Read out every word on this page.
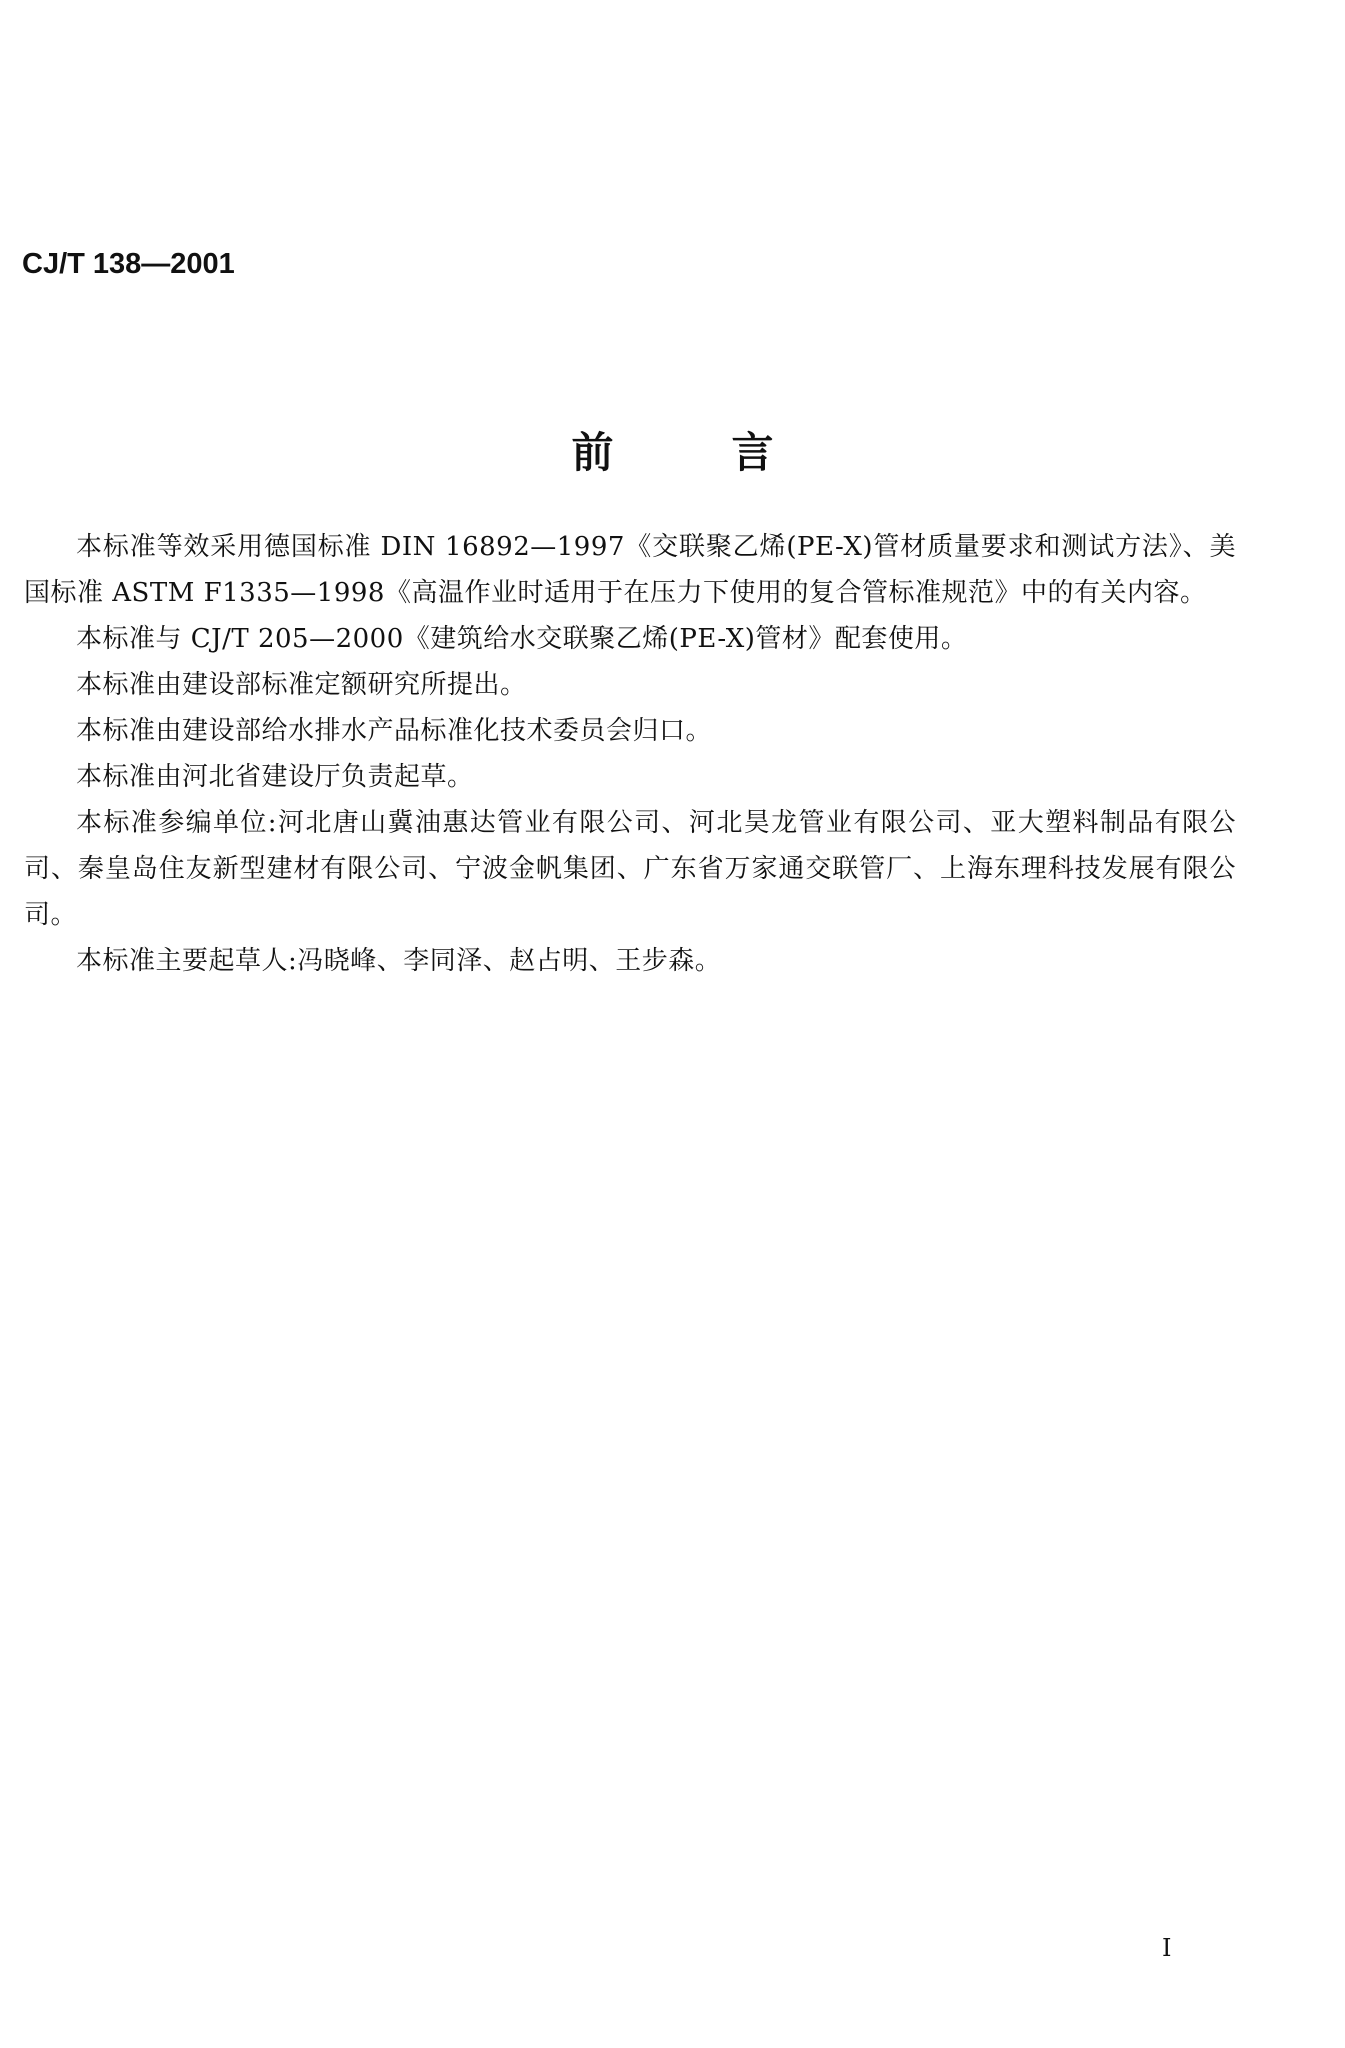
CJ/T 138—2001

前	言

本标准等效采用德国标准 DIN 16892—1997《交联聚乙烯(PE-X)管材质量要求和测试方法》、美国标准 ASTM F1335—1998《高温作业时适用于在压力下使用的复合管标准规范》中的有关内容。

本标准与 CJ/T 205—2000《建筑给水交联聚乙烯(PE-X)管材》配套使用。

本标准由建设部标准定额研究所提出。

本标准由建设部给水排水产品标准化技术委员会归口。

本标准由河北省建设厅负责起草。

本标准参编单位:河北唐山冀油惠达管业有限公司、河北昊龙管业有限公司、亚大塑料制品有限公司、秦皇岛住友新型建材有限公司、宁波金帆集团、广东省万家通交联管厂、上海东理科技发展有限公司。

本标准主要起草人:冯晓峰、李同泽、赵占明、王步森。

I
